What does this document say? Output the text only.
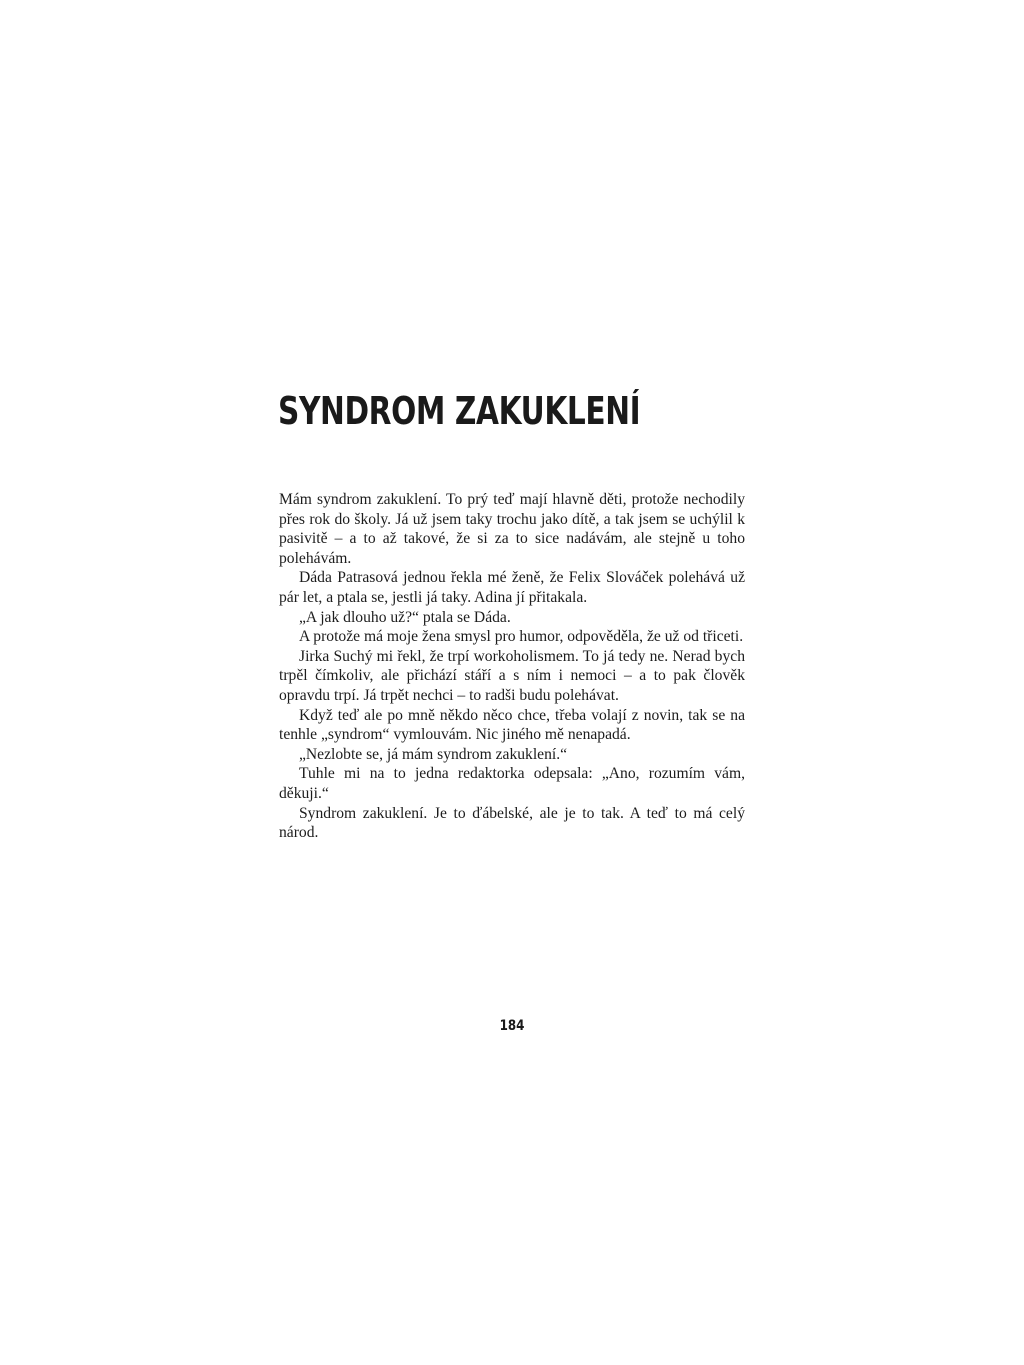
SYNDROM ZAKUKLENÍ

Mám syndrom zakuklení. To prý teď mají hlavně děti, protože nechodily přes rok do školy. Já už jsem taky trochu jako dítě, a tak jsem se uchýlil k pasivitě – a to až takové, že si za to sice nadávám, ale stejně u toho polehávám.

Dáda Patrasová jednou řekla mé ženě, že Felix Slováček polehává už pár let, a ptala se, jestli já taky. Adina jí přitakala.

„A jak dlouho už?“ ptala se Dáda.

A protože má moje žena smysl pro humor, odpověděla, že už od třiceti.

Jirka Suchý mi řekl, že trpí workoholismem. To já tedy ne. Nerad bych trpěl čímkoliv, ale přichází stáří a s ním i nemoci – a to pak člověk opravdu trpí. Já trpět nechci – to radši budu polehávat.

Když teď ale po mně někdo něco chce, třeba volají z novin, tak se na tenhle „syndrom“ vymlouvám. Nic jiného mě nenapadá.

„Nezlobte se, já mám syndrom zakuklení.“

Tuhle mi na to jedna redaktorka odepsala: „Ano, rozumím vám, děkuji.“

Syndrom zakuklení. Je to ďábelské, ale je to tak. A teď to má celý národ.

184
